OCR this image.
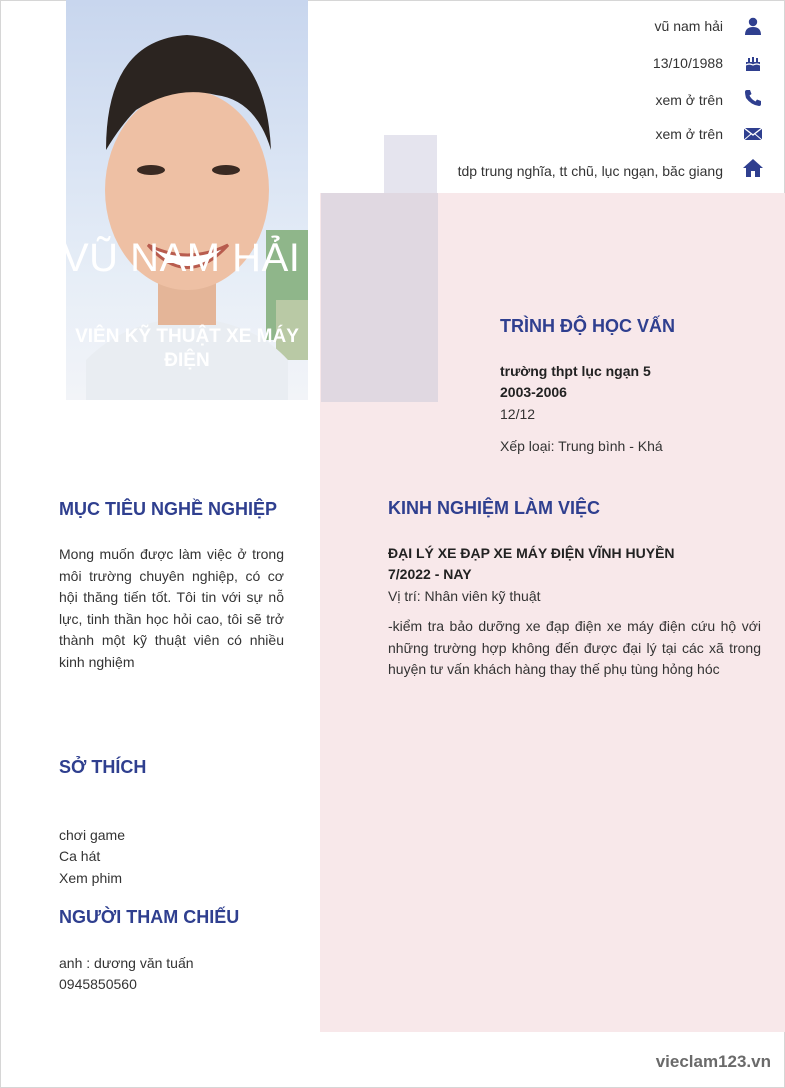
VŨ NAM HẢI
VIÊN KỸ THUẬT XE MÁY ĐIỆN
vũ nam hải
13/10/1988
xem ở trên
xem ở trên
tdp trung nghĩa, tt chũ, lục ngạn, băc giang
TRÌNH ĐỘ HỌC VẤN
trường thpt lục ngạn 5
2003-2006
12/12
Xếp loại: Trung bình - Khá
MỤC TIÊU NGHỀ NGHIỆP
Mong muốn được làm việc ở trong môi trường chuyên nghiệp, có cơ hội thăng tiến tốt. Tôi tin với sự nỗ lực, tinh thần học hỏi cao, tôi sẽ trở thành một kỹ thuật viên có nhiều kinh nghiệm
KINH NGHIỆM LÀM VIỆC
ĐẠI LÝ XE ĐẠP XE MÁY ĐIỆN VĨNH HUYỀN
7/2022 - NAY
Vị trí: Nhân viên kỹ thuật
-kiểm tra bảo dưỡng xe đạp điện xe máy điện cứu hộ với những trường hợp không đến được đại lý tại các xã trong huyện tư vấn khách hàng thay thế phụ tùng hỏng hóc
SỞ THÍCH
chơi game
Ca hát
Xem phim
NGƯỜI THAM CHIẾU
anh : dương văn tuấn
0945850560
vieclam123.vn
